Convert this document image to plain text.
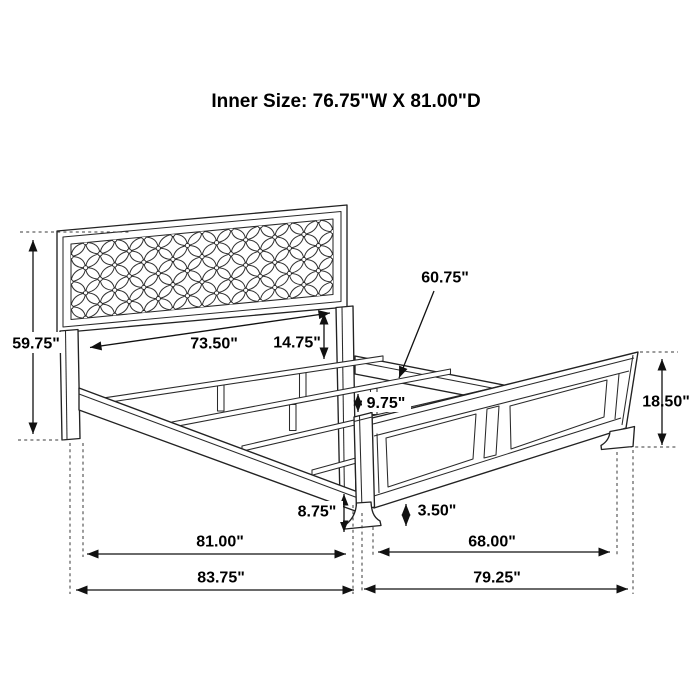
Inner Size: 76.75"W X 81.00"D
59.75"	73.50" 14.75"
60.75"
9.75"	18.50"
8.75"	3.50"
81.00"	68.00"
83.75"	79.25"
